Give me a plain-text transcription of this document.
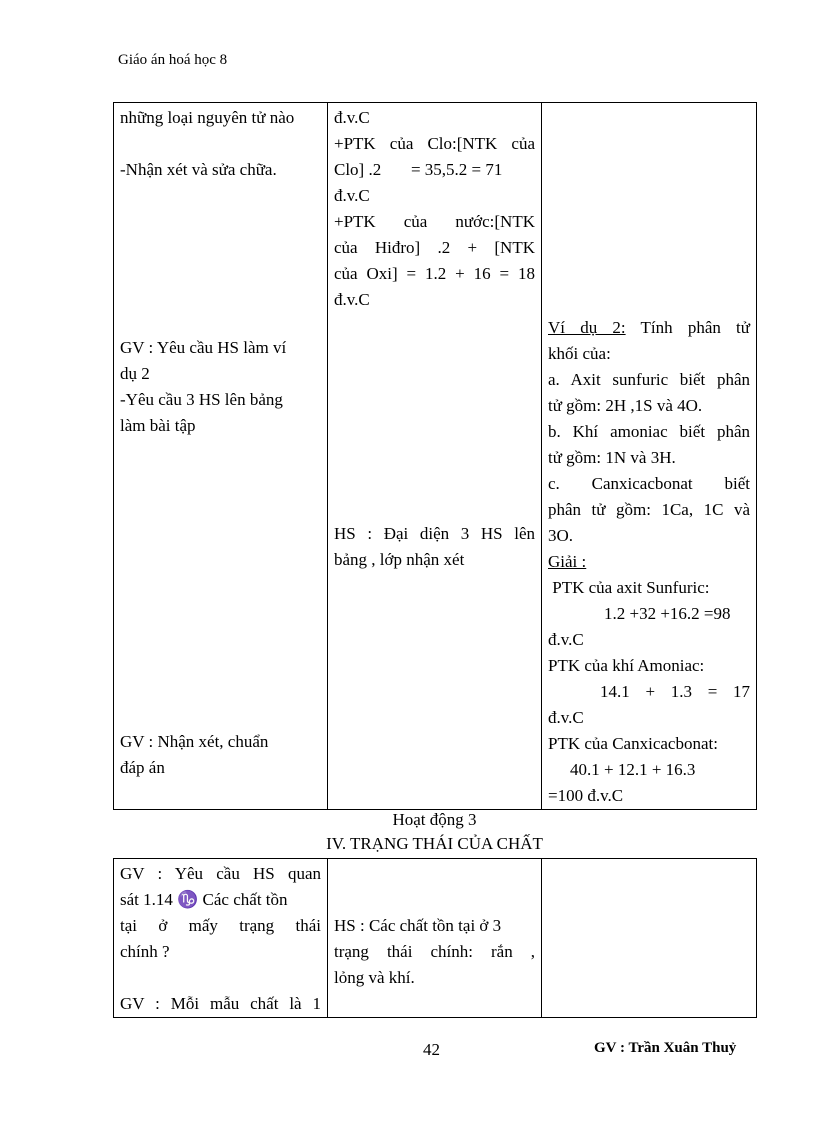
Giáo án hoá học 8
những loại nguyên tử nào
-Nhận xét và sửa chữa.
GV : Yêu cầu HS làm ví
dụ 2
-Yêu cầu 3 HS lên bảng
làm bài tập
GV : Nhận xét, chuẩn
đáp án

đ.v.C
+PTK của Clo:[NTK của
Clo] .2       = 35,5.2 = 71
đ.v.C
+PTK của nước:[NTK
của Hiđro] .2 + [NTK
của Oxi] = 1.2 + 16 = 18
đ.v.C
HS : Đại diện 3 HS lên
bảng , lớp nhận xét

Ví dụ 2: Tính phân tử
khối của:
a. Axit sunfuric biết phân
tử gồm: 2H ,1S và 4O.
b. Khí amoniac biết phân
tử gồm: 1N và 3H.
c. Canxicacbonat biết
phân tử gồm: 1Ca, 1C và
3O.
Giải :
PTK của axit Sunfuric:
1.2 +32 +16.2 =98
đ.v.C
PTK của khí Amoniac:
14.1 + 1.3 = 17
đ.v.C
PTK của Canxicacbonat:
40.1 + 12.1 + 16.3
=100 đ.v.C
Hoạt động 3
IV. TRẠNG THÁI CỦA CHẤT
GV : Yêu cầu HS quan
sát 1.14 ♑ Các chất tồn
tại ở mấy trạng thái
chính ?
GV : Mỗi mẫu chất là 1

HS : Các chất tồn tại ở 3
trạng thái chính: rắn ,
lỏng và khí.

42	GV : Trần Xuân Thuỷ
